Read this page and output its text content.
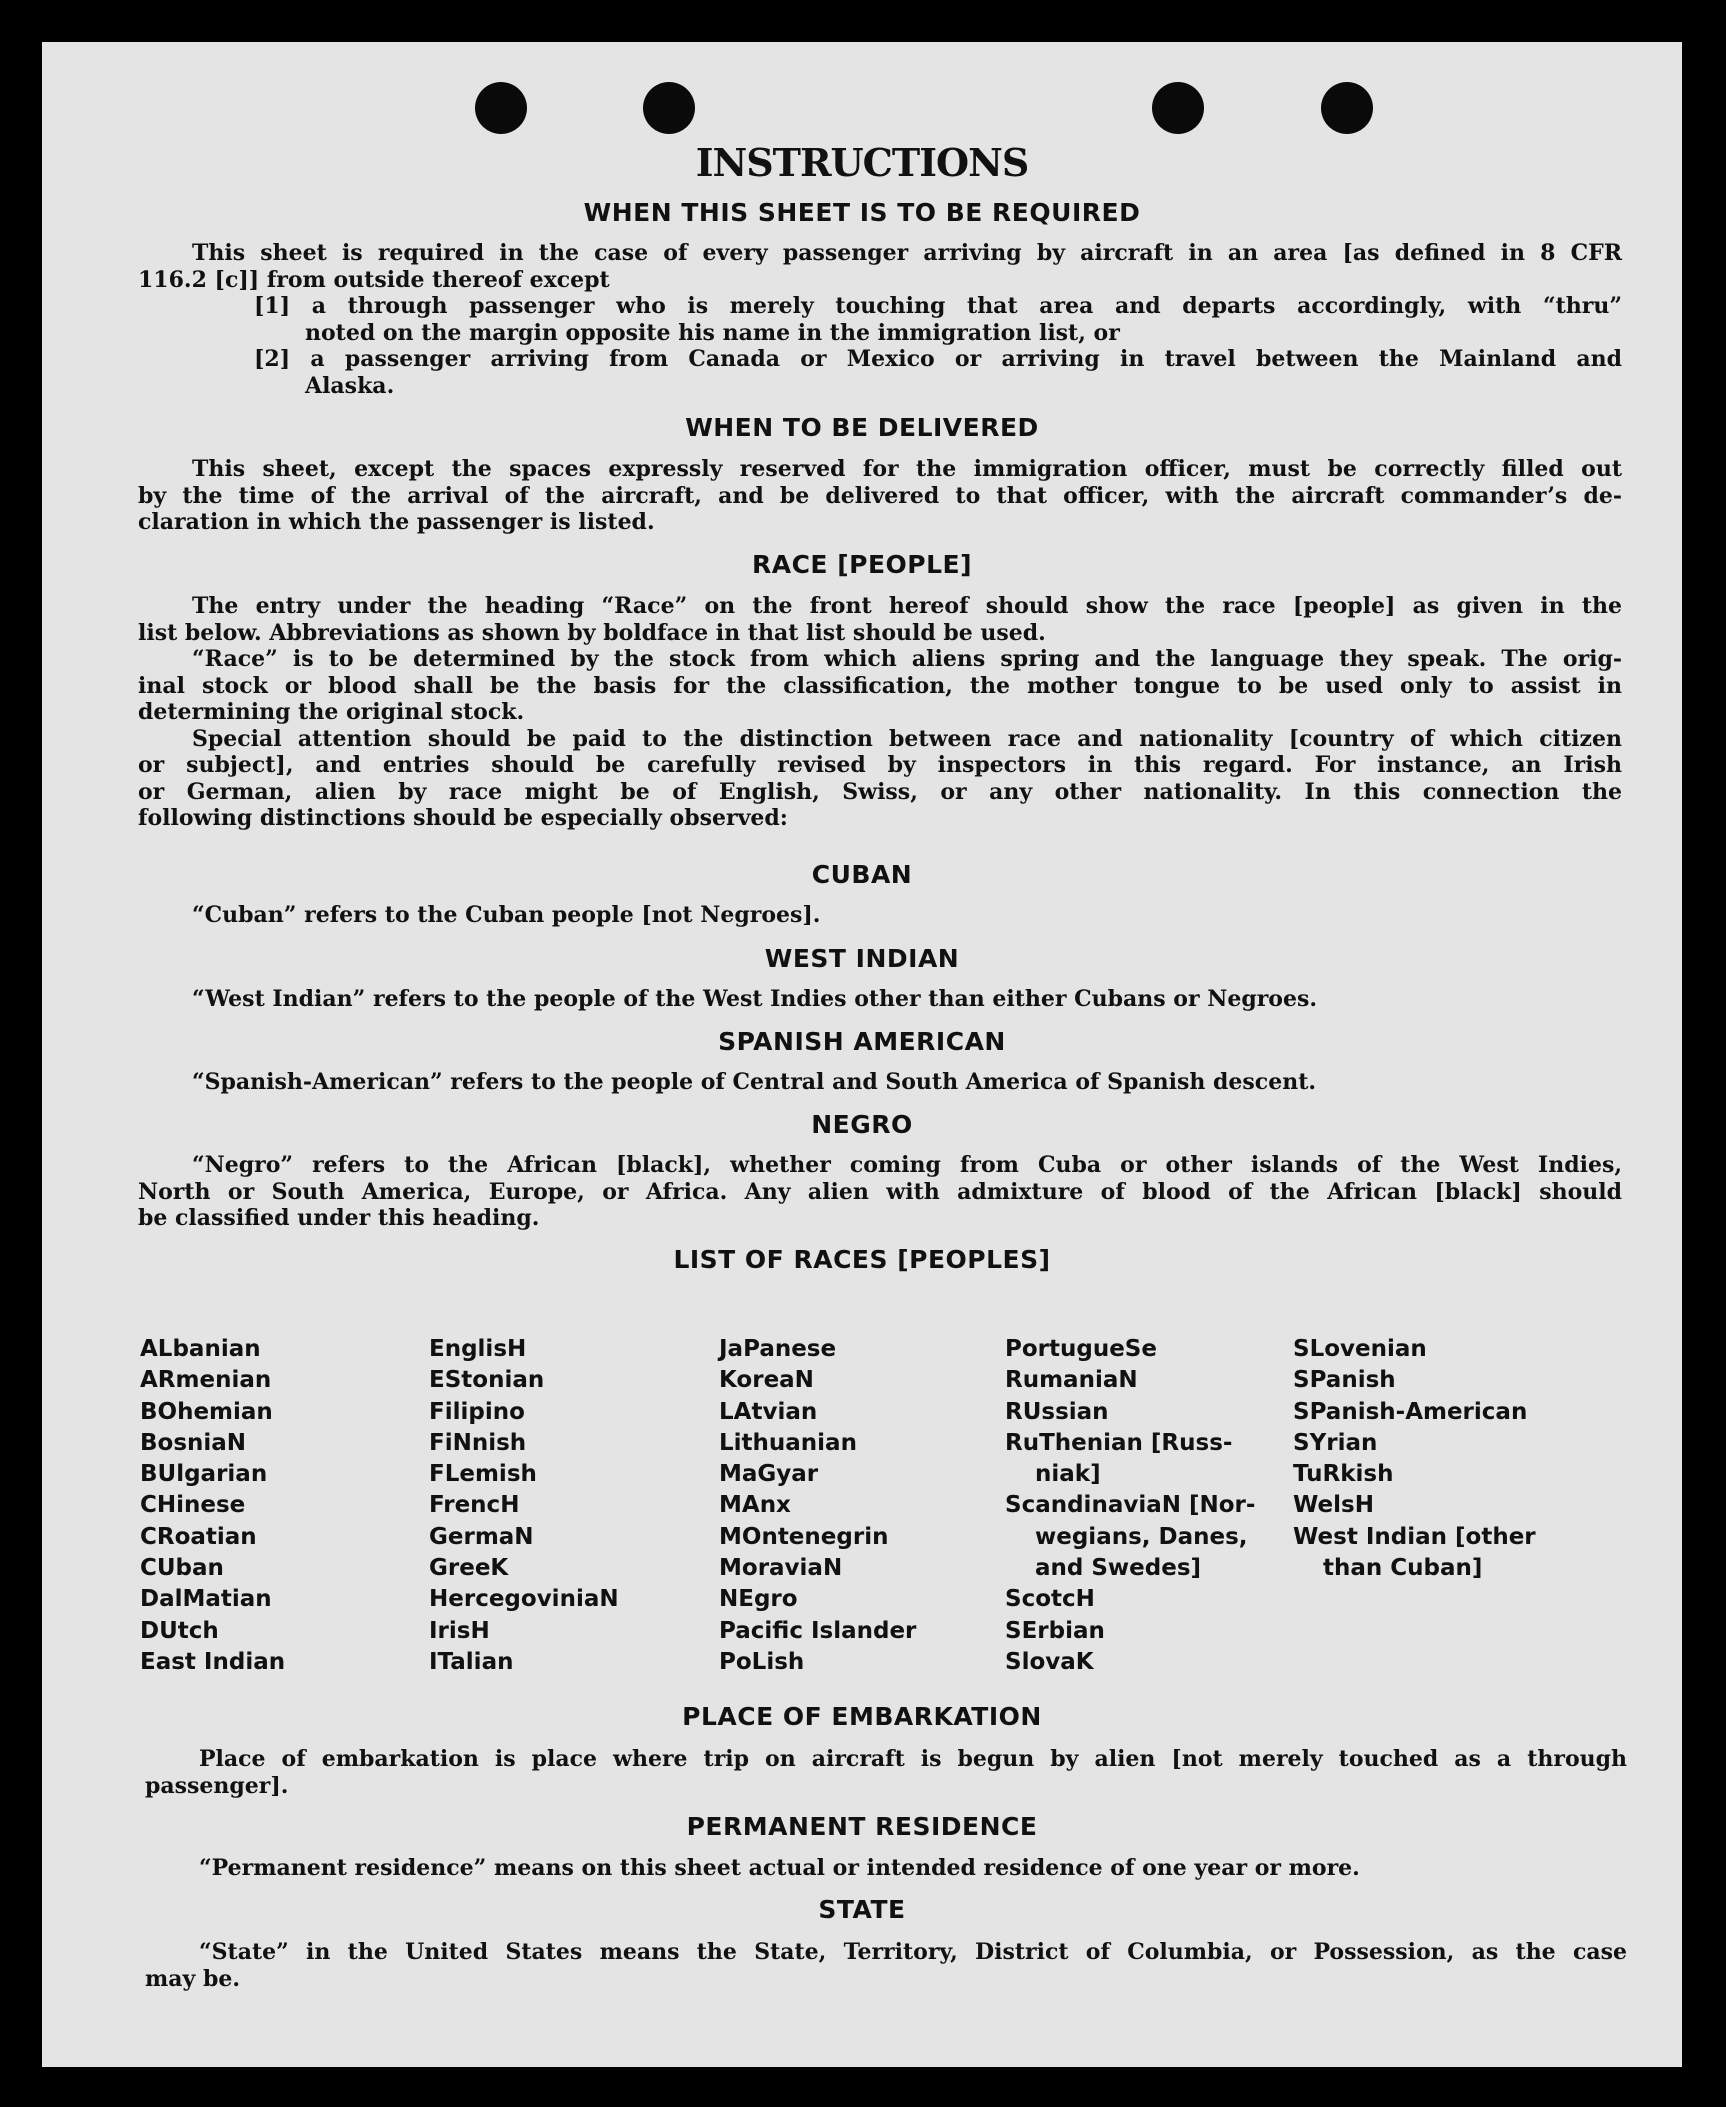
INSTRUCTIONS
WHEN THIS SHEET IS TO BE REQUIRED
This sheet is required in the case of every passenger arriving by aircraft in an area [as defined in 8 CFR
116.2 [c]] from outside thereof except
[1] a through passenger who is merely touching that area and departs accordingly, with “thru”
noted on the margin opposite his name in the immigration list, or
[2] a passenger arriving from Canada or Mexico or arriving in travel between the Mainland and
Alaska.
WHEN TO BE DELIVERED
This sheet, except the spaces expressly reserved for the immigration officer, must be correctly filled out
by the time of the arrival of the aircraft, and be delivered to that officer, with the aircraft commander’s de-
claration in which the passenger is listed.
RACE [PEOPLE]
The entry under the heading “Race” on the front hereof should show the race [people] as given in the
list below. Abbreviations as shown by boldface in that list should be used.
“Race” is to be determined by the stock from which aliens spring and the language they speak. The orig-
inal stock or blood shall be the basis for the classification, the mother tongue to be used only to assist in
determining the original stock.
Special attention should be paid to the distinction between race and nationality [country of which citizen
or subject], and entries should be carefully revised by inspectors in this regard. For instance, an Irish
or German, alien by race might be of English, Swiss, or any other nationality. In this connection the
following distinctions should be especially observed:
CUBAN
“Cuban” refers to the Cuban people [not Negroes].
WEST INDIAN
“West Indian” refers to the people of the West Indies other than either Cubans or Negroes.
SPANISH AMERICAN
“Spanish-American” refers to the people of Central and South America of Spanish descent.
NEGRO
“Negro” refers to the African [black], whether coming from Cuba or other islands of the West Indies,
North or South America, Europe, or Africa. Any alien with admixture of blood of the African [black] should
be classified under this heading.
LIST OF RACES [PEOPLES]
ALbanian
ARmenian
BOhemian
BosniaN
BUlgarian
CHinese
CRoatian
CUban
DalMatian
DUtch
East Indian
EnglisH
EStonian
Filipino
FiNnish
FLemish
FrencH
GermaN
GreeK
HercegoviniaN
IrisH
ITalian
JaPanese
KoreaN
LAtvian
Lithuanian
MaGyar
MAnx
MOntenegrin
MoraviaN
NEgro
Pacific Islander
PoLish
PortugueSe
RumaniaN
RUssian
RuThenian [Russ-
niak]
ScandinaviaN [Nor-
wegians, Danes,
and Swedes]
ScotcH
SErbian
SlovaK
SLovenian
SPanish
SPanish-American
SYrian
TuRkish
WelsH
West Indian [other
than Cuban]
PLACE OF EMBARKATION
Place of embarkation is place where trip on aircraft is begun by alien [not merely touched as a through
passenger].
PERMANENT RESIDENCE
“Permanent residence” means on this sheet actual or intended residence of one year or more.
STATE
“State” in the United States means the State, Territory, District of Columbia, or Possession, as the case
may be.
